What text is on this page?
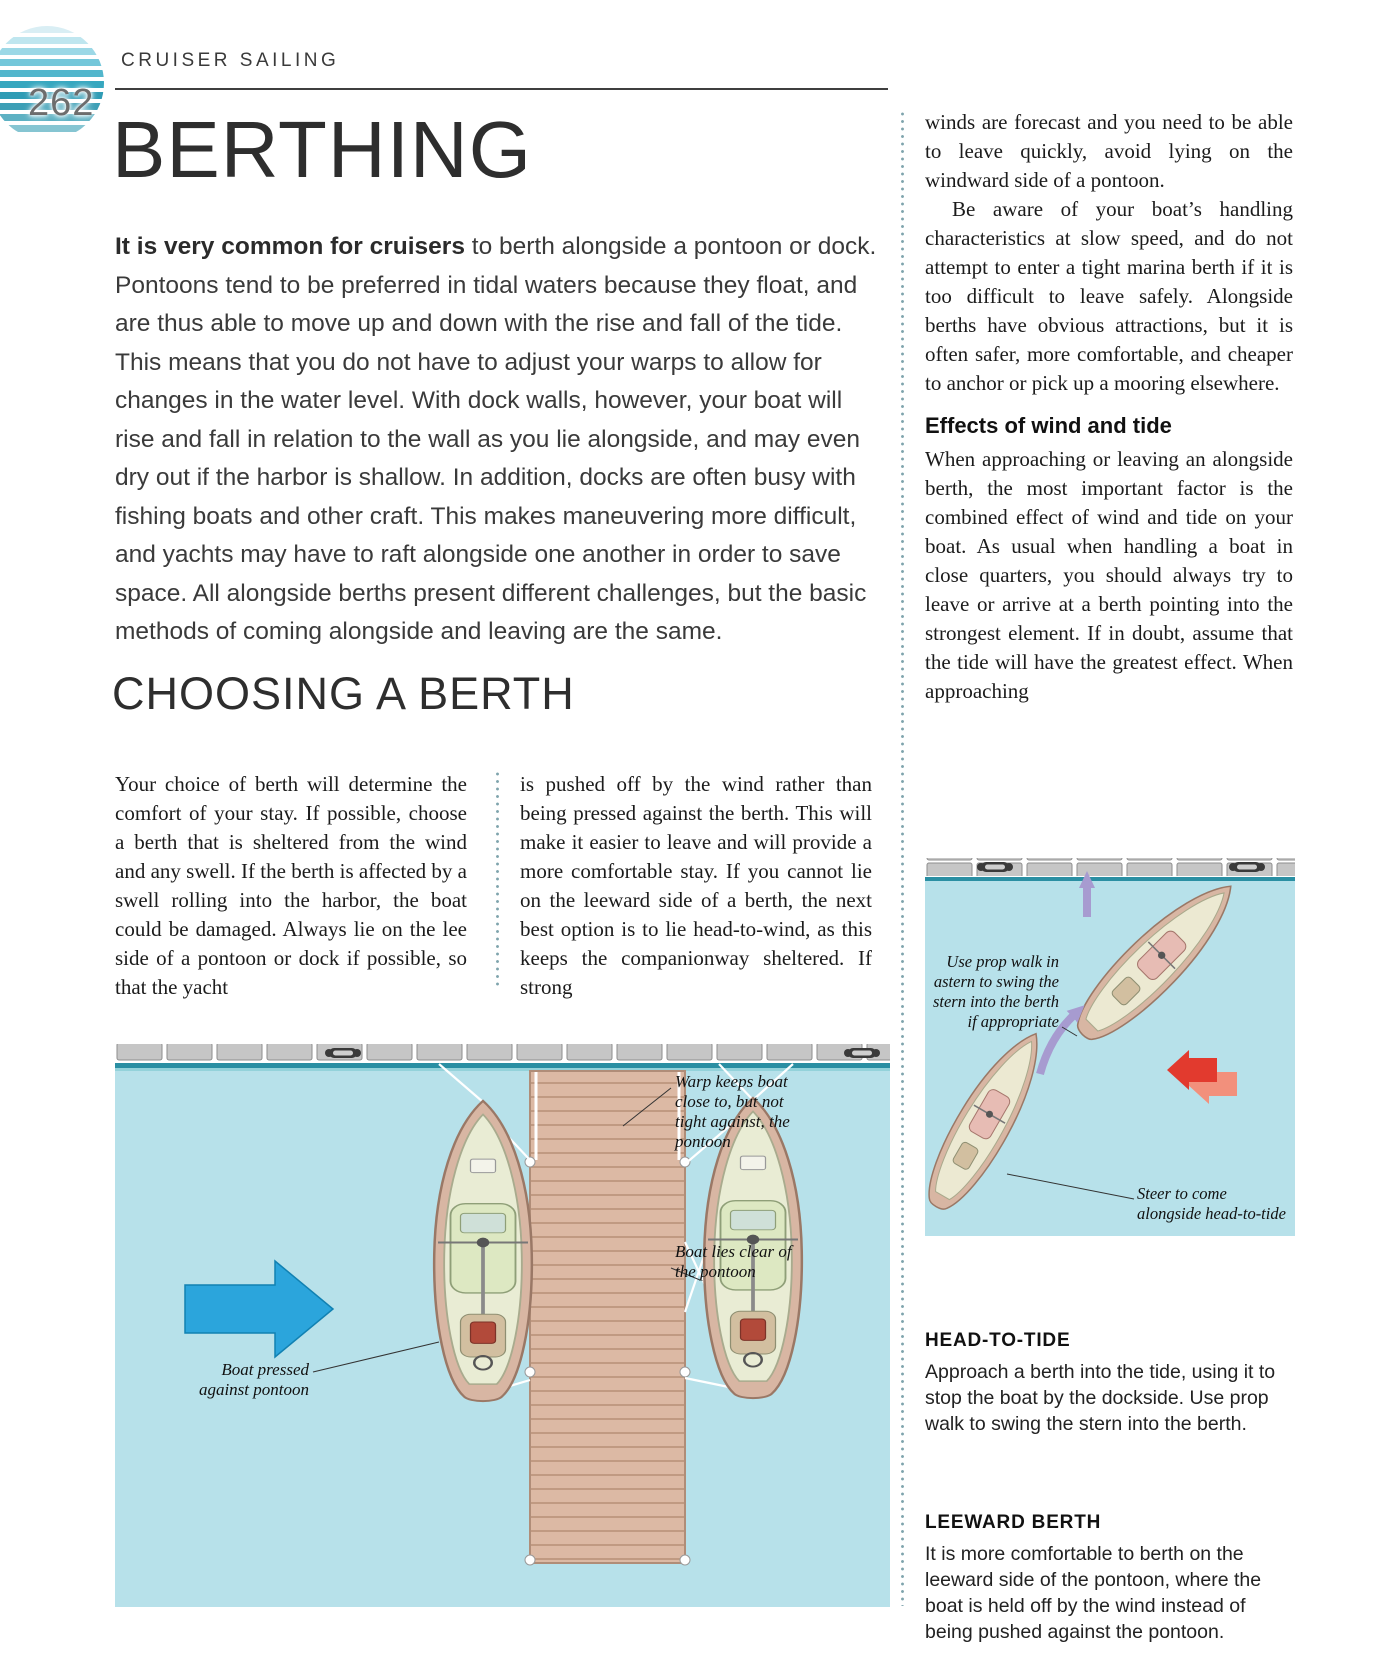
262
CRUISER SAILING
BERTHING

It is very common for cruisers to berth alongside a pontoon or dock. Pontoons tend to be preferred in tidal waters because they float, and are thus able to move up and down with the rise and fall of the tide. This means that you do not have to adjust your warps to allow for changes in the water level. With dock walls, however, your boat will rise and fall in relation to the wall as you lie alongside, and may even dry out if the harbor is shallow. In addition, docks are often busy with fishing boats and other craft. This makes maneuvering more difficult, and yachts may have to raft alongside one another in order to save space. All alongside berths present different challenges, but the basic methods of coming alongside and leaving are the same.

CHOOSING A BERTH

Your choice of berth will determine the comfort of your stay. If possible, choose a berth that is sheltered from the wind and any swell. If the berth is affected by a swell rolling into the harbor, the boat could be damaged. Always lie on the lee side of a pontoon or dock if possible, so that the yacht

is pushed off by the wind rather than being pressed against the berth. This will make it easier to leave and will provide a more comfortable stay. If you cannot lie on the leeward side of a berth, the next best option is to lie head-to-wind, as this keeps the companionway sheltered. If strong

winds are forecast and you need to be able to leave quickly, avoid lying on the windward side of a pontoon.

Be aware of your boat’s handling characteristics at slow speed, and do not attempt to enter a tight marina berth if it is too difficult to leave safely. Alongside berths have obvious attractions, but it is often safer, more comfortable, and cheaper to anchor or pick up a mooring elsewhere.

Effects of wind and tide

When approaching or leaving an alongside berth, the most important factor is the combined effect of wind and tide on your boat. As usual when handling a boat in close quarters, you should always try to leave or arrive at a berth pointing into the strongest element. If in doubt, assume that the tide will have the greatest effect. When approaching

Use prop walk in astern to swing the stern into the berth if appropriate
Steer to come alongside head-to-tide
HEAD-TO-TIDE

Approach a berth into the tide, using it to stop the boat by the dockside. Use prop walk to swing the stern into the berth.

LEEWARD BERTH

It is more comfortable to berth on the leeward side of the pontoon, where the boat is held off by the wind instead of being pushed against the pontoon.

Warp keeps boat close to, but not tight against, the pontoon
Boat lies clear of the pontoon
Boat pressed against pontoon
